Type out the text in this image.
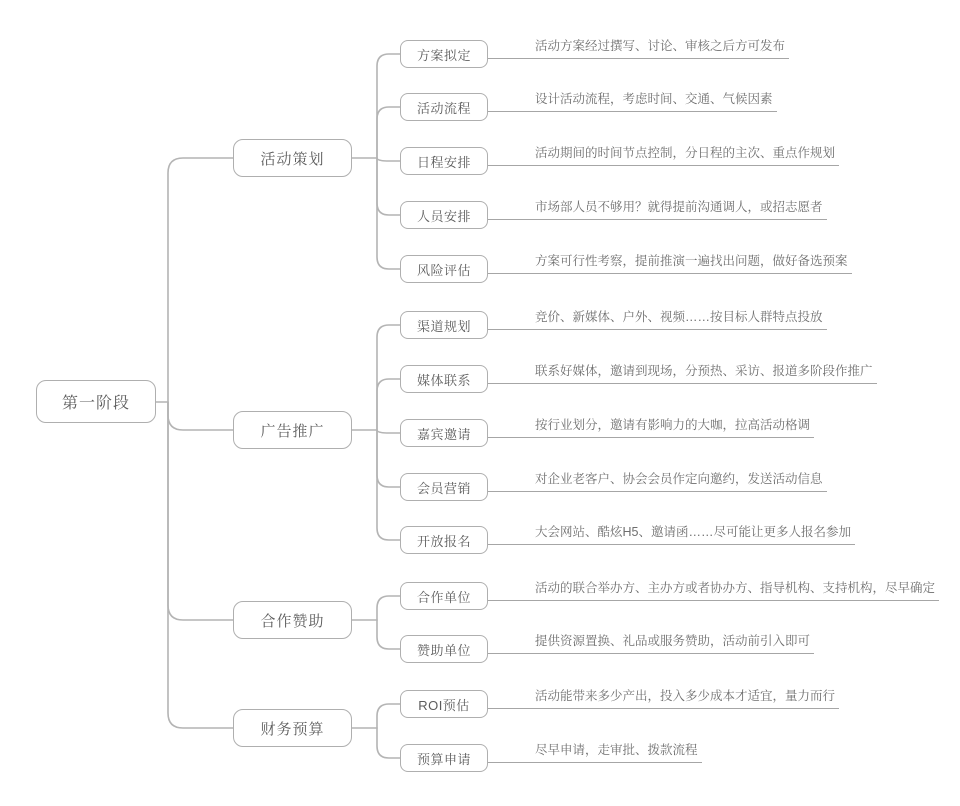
第一阶段
活动策划
广告推广
合作赞助
财务预算
方案拟定
活动流程
日程安排
人员安排
风险评估
渠道规划
媒体联系
嘉宾邀请
会员营销
开放报名
合作单位
赞助单位
ROI预估
预算申请
活动方案经过撰写、讨论、审核之后方可发布
设计活动流程，考虑时间、交通、气候因素
活动期间的时间节点控制，分日程的主次、重点作规划
市场部人员不够用？就得提前沟通调人，或招志愿者
方案可行性考察，提前推演一遍找出问题，做好备选预案
竞价、新媒体、户外、视频……按目标人群特点投放
联系好媒体，邀请到现场，分预热、采访、报道多阶段作推广
按行业划分，邀请有影响力的大咖，拉高活动格调
对企业老客户、协会会员作定向邀约，发送活动信息
大会网站、酷炫H5、邀请函……尽可能让更多人报名参加
活动的联合举办方、主办方或者协办方、指导机构、支持机构，尽早确定
提供资源置换、礼品或服务赞助，活动前引入即可
活动能带来多少产出，投入多少成本才适宜，量力而行
尽早申请，走审批、拨款流程
